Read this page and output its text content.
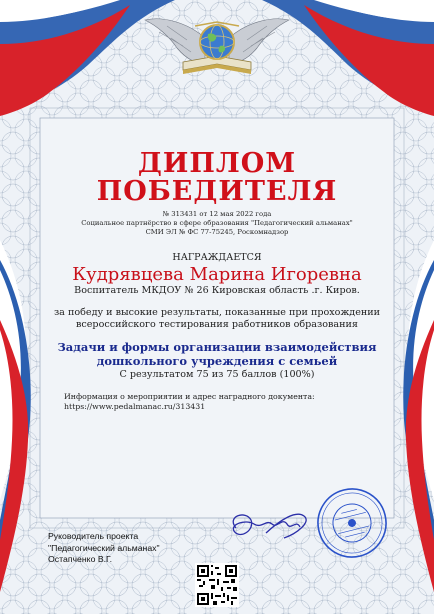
ДИПЛОМ
ПОБЕДИТЕЛЯ
№ 313431 от 12 мая 2022 года
Социальное партнёрство в сфере образования "Педагогический альманах"
СМИ ЭЛ № ФС 77-75245, Роскомнадзор
НАГРАЖДАЕТСЯ
Кудрявцева Марина Игоревна
Воспитатель МКДОУ № 26 Кировская область .г. Киров.
за победу и высокие результаты, показанные при прохождении
всероссийского тестирования работников образования
Задачи и формы организации взаимодействия
дошкольного учреждения с семьей
С результатом 75 из 75 баллов (100%)
Информация о мероприятии и адрес наградного документа:
https://www.pedalmanac.ru/313431
Руководитель проекта
"Педагогический альманах"
Остапченко В.Г.
